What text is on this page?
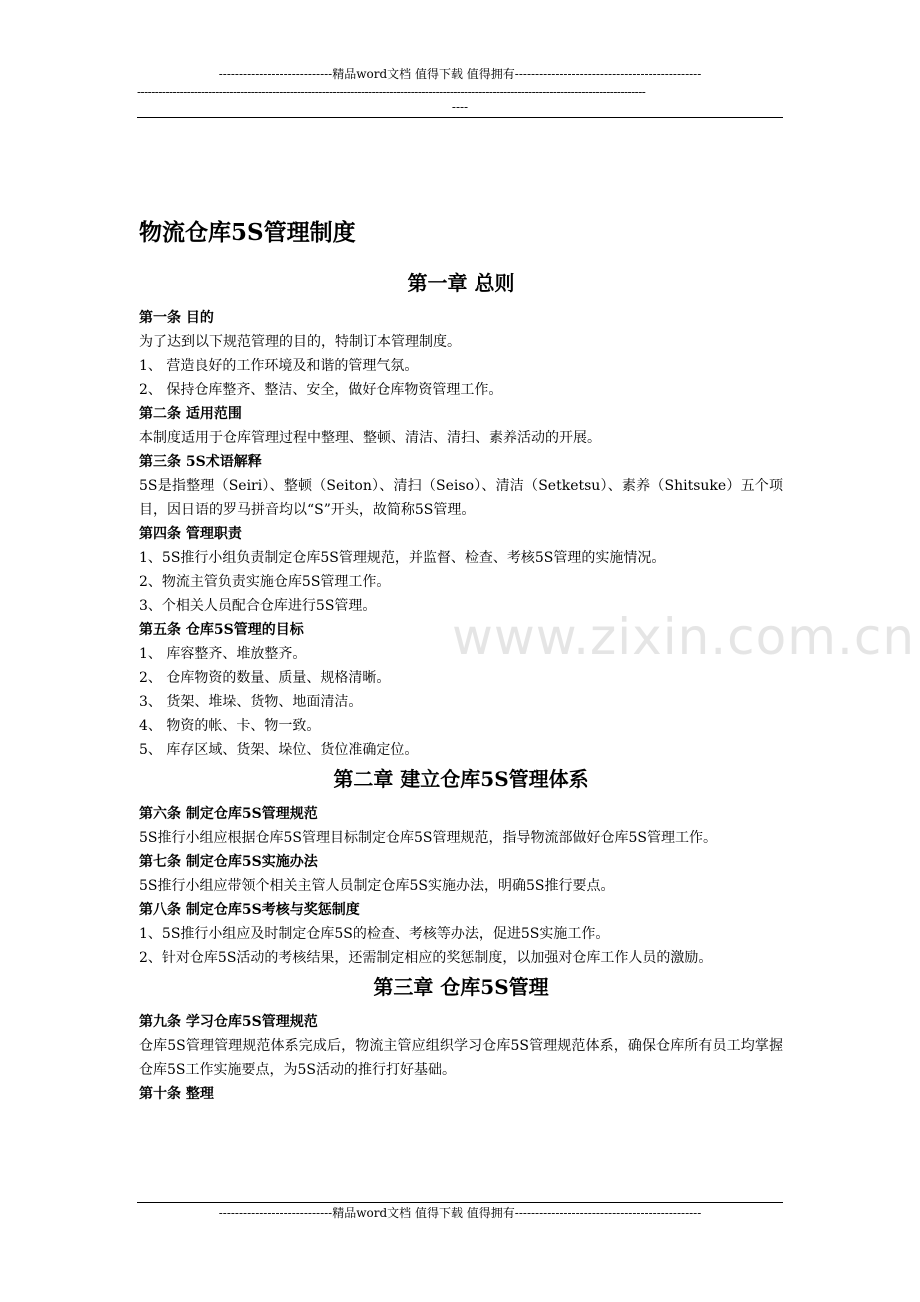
----------------------------精品word文档 值得下载 值得拥有----------------------------------------------
-----------------------------------------------------------------------------------------------------------------------------------------------
----
物流仓库5S管理制度
www.zixin.com.cn
第一章 总则
第一条 目的
为了达到以下规范管理的目的，特制订本管理制度。
1、 营造良好的工作环境及和谐的管理气氛。
2、 保持仓库整齐、整洁、安全，做好仓库物资管理工作。
第二条 适用范围
本制度适用于仓库管理过程中整理、整顿、清洁、清扫、素养活动的开展。
第三条 5S术语解释
5S是指整理（Seiri）、整顿（Seiton）、清扫（Seiso）、清洁（Setketsu）、素养（Shitsuke）五个项目，因日语的罗马拼音均以“S”开头，故简称5S管理。
第四条 管理职责
1、5S推行小组负责制定仓库5S管理规范，并监督、检查、考核5S管理的实施情况。
2、物流主管负责实施仓库5S管理工作。
3、个相关人员配合仓库进行5S管理。
第五条 仓库5S管理的目标
1、 库容整齐、堆放整齐。
2、 仓库物资的数量、质量、规格清晰。
3、 货架、堆垛、货物、地面清洁。
4、 物资的帐、卡、物一致。
5、 库存区域、货架、垛位、货位准确定位。
第二章 建立仓库5S管理体系
第六条 制定仓库5S管理规范
5S推行小组应根据仓库5S管理目标制定仓库5S管理规范，指导物流部做好仓库5S管理工作。
第七条 制定仓库5S实施办法
5S推行小组应带领个相关主管人员制定仓库5S实施办法，明确5S推行要点。
第八条 制定仓库5S考核与奖惩制度
1、5S推行小组应及时制定仓库5S的检查、考核等办法，促进5S实施工作。
2、针对仓库5S活动的考核结果，还需制定相应的奖惩制度，以加强对仓库工作人员的激励。
第三章 仓库5S管理
第九条 学习仓库5S管理规范
仓库5S管理管理规范体系完成后，物流主管应组织学习仓库5S管理规范体系，确保仓库所有员工均掌握仓库5S工作实施要点，为5S活动的推行打好基础。
第十条 整理
----------------------------精品word文档 值得下载 值得拥有----------------------------------------------
